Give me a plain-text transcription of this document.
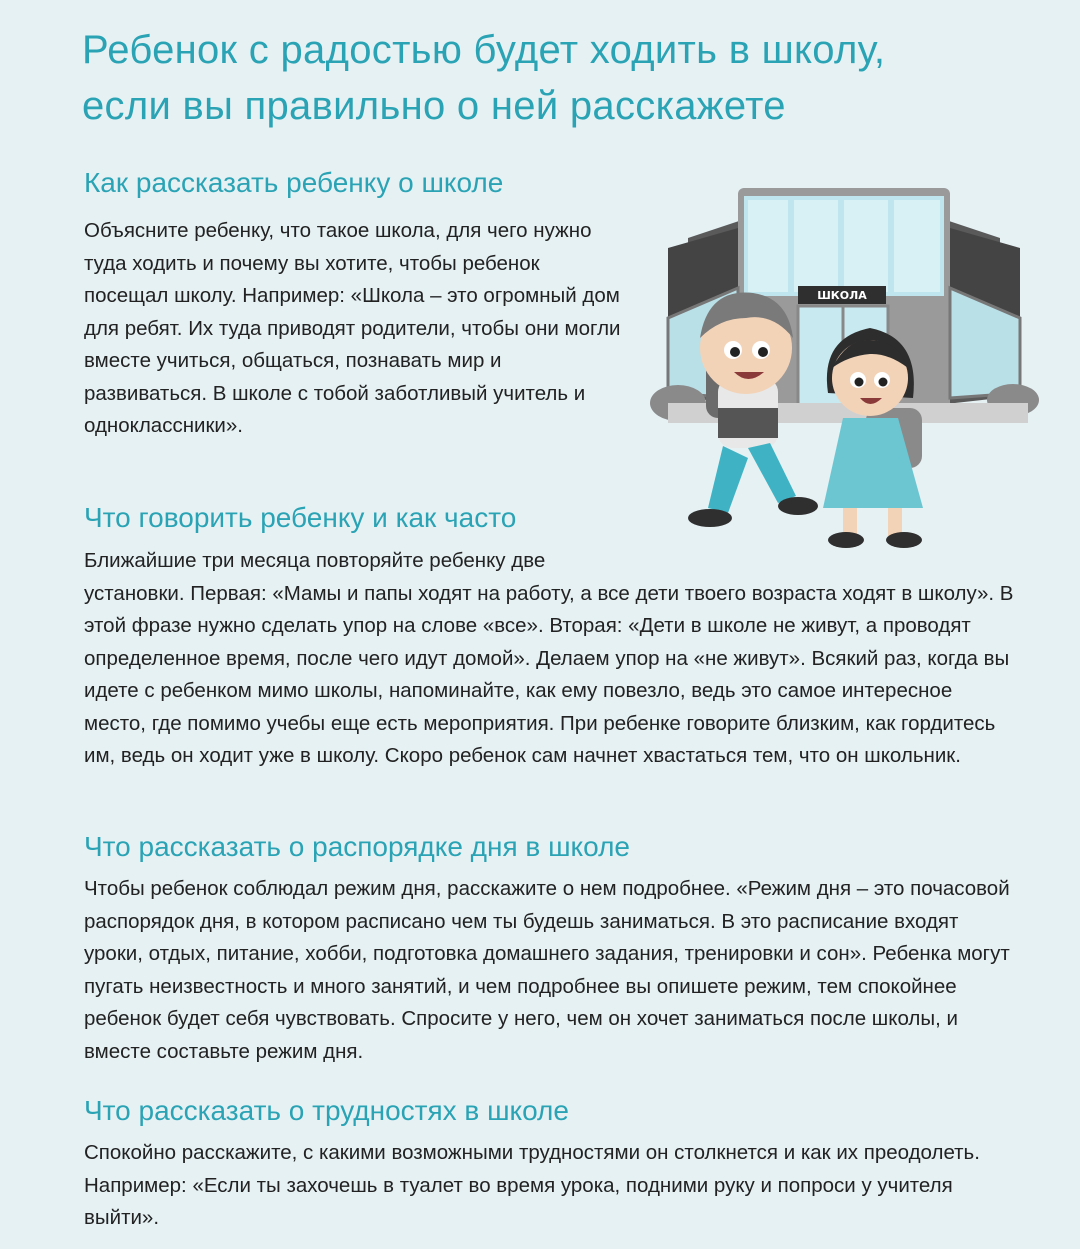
Ребенок с радостью будет ходить в школу,
если вы правильно о ней расскажете
Как рассказать ребенку о школе

Объясните ребенку, что такое школа, для чего нужно туда ходить и почему вы хотите, чтобы ребенок посещал школу. Например: «Школа – это огромный дом для ребят. Их туда приводят родители, чтобы они могли вместе учиться, общаться, познавать мир и развиваться. В школе с тобой заботливый учитель и одноклассники».

ШКОЛА
Что говорить ребенку и как часто

Ближайшие три месяца повторяйте ребенку две установки. Первая: «Мамы и папы ходят на работу, а все дети твоего возраста ходят в школу». В этой фразе нужно сделать упор на слове «все». Вторая: «Дети в школе не живут, а проводят определенное время, после чего идут домой». Делаем упор на «не живут». Всякий раз, когда вы идете с ребенком мимо школы, напоминайте, как ему повезло, ведь это самое интересное место, где помимо учебы еще есть мероприятия. При ребенке говорите близким, как гордитесь им, ведь он ходит уже в школу. Скоро ребенок сам начнет хвастаться тем, что он школьник.

Что рассказать о распорядке дня в школе

Чтобы ребенок соблюдал режим дня, расскажите о нем подробнее. «Режим дня – это почасовой распорядок дня, в котором расписано чем ты будешь заниматься. В это расписание входят уроки, отдых, питание, хобби, подготовка домашнего задания, тренировки и сон». Ребенка могут пугать неизвестность и много занятий, и чем подробнее вы опишете режим, тем спокойнее ребенок будет себя чувствовать. Спросите у него, чем он хочет заниматься после школы, и вместе составьте режим дня.

Что рассказать о трудностях в школе

Спокойно расскажите, с какими возможными трудностями он столкнется и как их преодолеть. Например: «Если ты захочешь в туалет во время урока, подними руку и попроси у учителя выйти».
